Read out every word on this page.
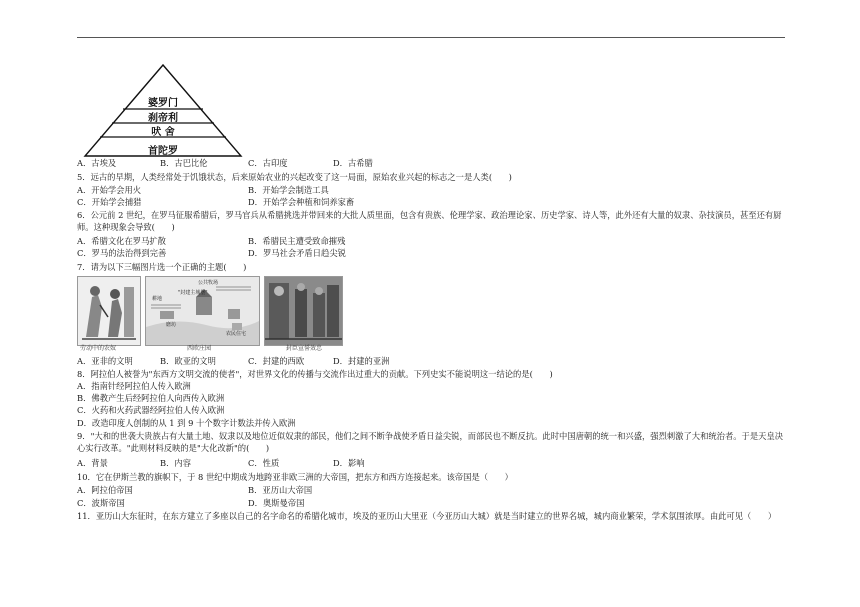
婆罗门
刹帝利
吠 舍
首陀罗
A．古埃及	B．古巴比伦	C．古印度	D．古希腊
5．远古的早期，人类经常处于饥饿状态，后来原始农业的兴起改变了这一局面，原始农业兴起的标志之一是人类(　　)
A．开始学会用火	B．开始学会制造工具
C．开始学会捕猎	D．开始学会种植和饲养家畜
6．公元前 2 世纪，在罗马征服希腊后，罗马官兵从希腊挑选并带回来的大批人质里面，包含有贵族、伦理学家、政治理论家、历史学家、诗人等，此外还有大量的奴隶、杂技演员，甚至还有厨师。这种现象会导致(　　)
A．希腊文化在罗马扩散	B．希腊民主遭受致命摧残
C．罗马的法治得到完善	D．罗马社会矛盾日趋尖锐
7．请为以下三幅图片选一个正确的主题(　　)
劳动中的农奴
公共牧场
耕地
"封建主城堡"
磨坊
农民住宅
西欧庄园	封臣宣誓效忠
A．亚非的文明	B．欧亚的文明	C．封建的西欧	D．封建的亚洲
8．阿拉伯人被誉为"东西方文明交流的使者"，对世界文化的传播与交流作出过重大的贡献。下列史实不能说明这一结论的是(　　)
A．指南针经阿拉伯人传入欧洲
B．佛教产生后经阿拉伯人向西传入欧洲
C．火药和火药武器经阿拉伯人传入欧洲
D．改造印度人创制的从 1 到 9 十个数字计数法并传入欧洲
9．"大和的世袭大贵族占有大量土地、奴隶以及地位近似奴隶的部民，他们之间不断争战使矛盾日益尖锐，而部民也不断反抗。此时中国唐朝的统一和兴盛，强烈刺激了大和统治者。于是天皇决心实行改革。"此则材料反映的是"大化改新"的(　　)
A．背景	B．内容	C．性质	D．影响
10．它在伊斯兰教的旗帜下，于 8 世纪中期成为地跨亚非欧三洲的大帝国，把东方和西方连接起来。该帝国是（　　）
A．阿拉伯帝国	B．亚历山大帝国
C．波斯帝国	D．奥斯曼帝国
11．亚历山大东征时，在东方建立了多座以自己的名字命名的希腊化城市，埃及的亚历山大里亚（今亚历山大城）就是当时建立的世界名城，城内商业繁荣，学术氛围浓厚。由此可见（　　）
